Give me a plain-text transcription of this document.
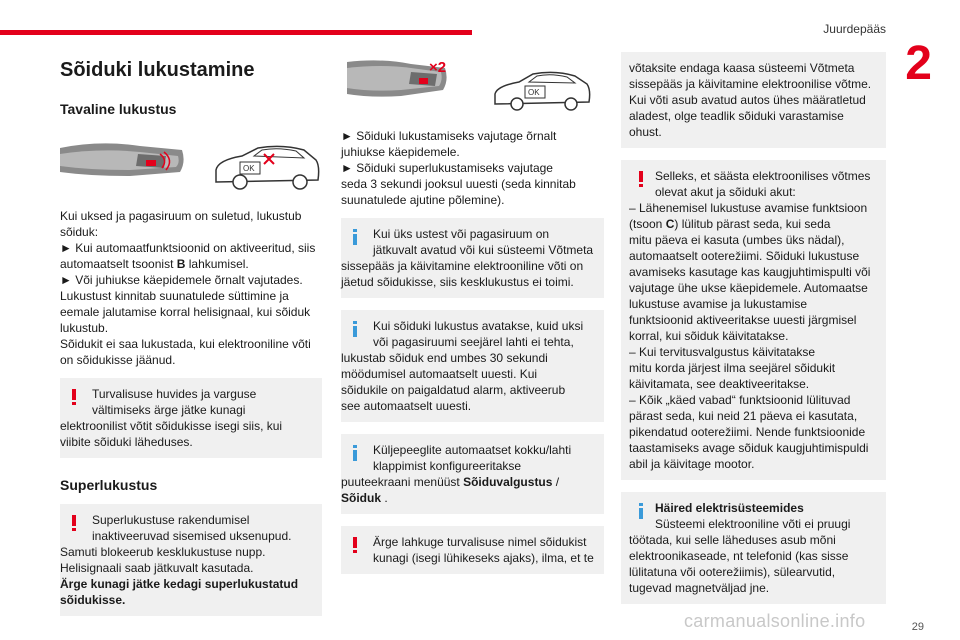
Juurdepääs
2
29
carmanualsonline.info
Sõiduki lukustamine
Tavaline lukustus
OK

Kui uksed ja pagasiruum on suletud, lukustub

sõiduk:

► Kui automaatfunktsioonid on aktiveeritud, siis

automaatselt tsoonist B lahkumisel.

► Või juhiukse käepidemele õrnalt vajutades.

Lukustust kinnitab suunatulede süttimine ja

eemale jalutamise korral helisignaal, kui sõiduk

lukustub.

Sõidukit ei saa lukustada, kui elektrooniline võti

on sõidukisse jäänud.

Turvalisuse huvides ja varguse

vältimiseks ärge jätke kunagi

elektroonilist võtit sõidukisse isegi siis, kui

viibite sõiduki läheduses.

Superlukustus

Superlukustuse rakendumisel

inaktiveeruvad sisemised uksenupud.

Samuti blokeerub kesklukustuse nupp.

Helisignaali saab jätkuvalt kasutada.

Ärge kunagi jätke kedagi superlukustatud

sõidukisse.

×2
OK

► Sõiduki lukustamiseks vajutage õrnalt

juhiukse käepidemele.

► Sõiduki superlukustamiseks vajutage

seda 3 sekundi jooksul uuesti (seda kinnitab

suunatulede ajutine põlemine).

Kui üks ustest või pagasiruum on

jätkuvalt avatud või kui süsteemi Võtmeta

sissepääs ja käivitamine elektrooniline võti on

jäetud sõidukisse, siis kesklukustus ei toimi.

Kui sõiduki lukustus avatakse, kuid uksi

või pagasiruumi seejärel lahti ei tehta,

lukustab sõiduk end umbes 30 sekundi

möödumisel automaatselt uuesti. Kui

sõidukile on paigaldatud alarm, aktiveerub

see automaatselt uuesti.

Küljepeeglite automaatset kokku/lahti

klappimist konfigureeritakse

puuteekraani menüüst Sõiduvalgustus /

Sõiduk .

Ärge lahkuge turvalisuse nimel sõidukist

kunagi (isegi lühikeseks ajaks), ilma, et te

võtaksite endaga kaasa süsteemi Võtmeta

sissepääs ja käivitamine elektroonilise võtme.

Kui võti asub avatud autos ühes määratletud

aladest, olge teadlik sõiduki varastamise

ohust.

Selleks, et säästa elektroonilises võtmes

olevat akut ja sõiduki akut:

– Lähenemisel lukustuse avamise funktsioon

(tsoon C) lülitub pärast seda, kui seda

mitu päeva ei kasuta (umbes üks nädal),

automaatselt ooterežiimi. Sõiduki lukustuse

avamiseks kasutage kas kaugjuhtimispulti või

vajutage ühe ukse käepidemele. Automaatse

lukustuse avamise ja lukustamise

funktsioonid aktiveeritakse uuesti järgmisel

korral, kui sõiduk käivitatakse.

– Kui tervitusvalgustus käivitatakse

mitu korda järjest ilma seejärel sõidukit

käivitamata, see deaktiveeritakse.

– Kõik „käed vabad“ funktsioonid lülituvad

pärast seda, kui neid 21 päeva ei kasutata,

pikendatud ooterežiimi. Nende funktsioonide

taastamiseks avage sõiduk kaugjuhtimispuldi

abil ja käivitage mootor.

Häired elektrisüsteemides

Süsteemi elektrooniline võti ei pruugi

töötada, kui selle läheduses asub mõni

elektroonikaseade, nt telefonid (kas sisse

lülitatuna või ooterežiimis), sülearvutid,

tugevad magnetväljad jne.
